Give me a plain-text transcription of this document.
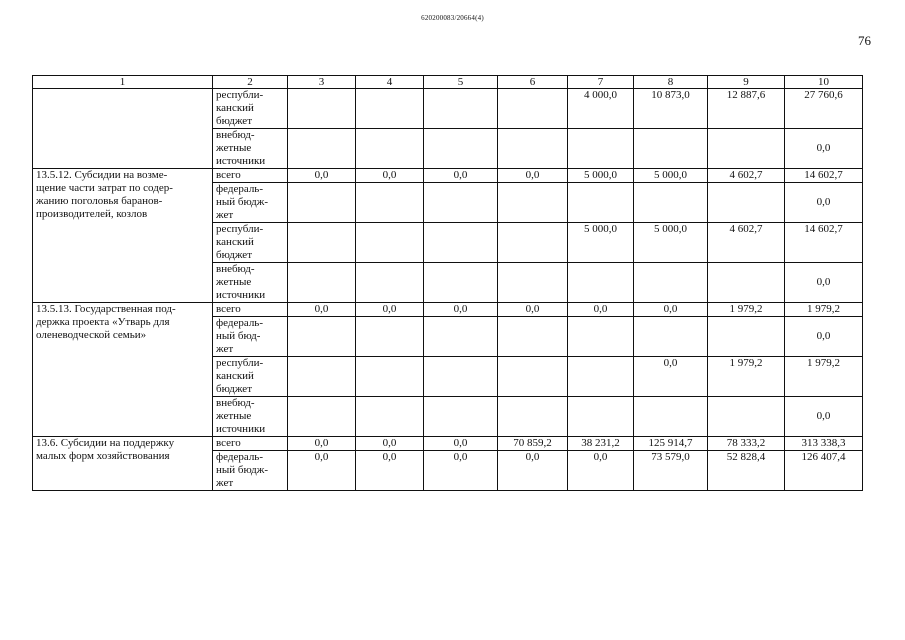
620200083/20664(4)
76
1	2	3	4	5	6	7	8	9	10
	республи-
канский
бюджет					4 000,0	10 873,0	12 887,6	27 760,6
	внебюд-
жетные
источники								0,0
13.5.12. Субсидии на возме-
щение части затрат по содер-
жанию поголовья баранов-
производителей, козлов	всего	0,0	0,0	0,0	0,0	5 000,0	5 000,0	4 602,7	14 602,7
	федераль-
ный бюдж-
жет								0,0
	республи-
канский
бюджет					5 000,0	5 000,0	4 602,7	14 602,7
	внебюд-
жетные
источники								0,0
13.5.13. Государственная под-
держка проекта «Утварь для
оленеводческой семьи»	всего	0,0	0,0	0,0	0,0	0,0	0,0	1 979,2	1 979,2
	федераль-
ный бюд-
жет								0,0
	республи-
канский
бюджет						0,0	1 979,2	1 979,2
	внебюд-
жетные
источники								0,0
13.6. Субсидии на поддержку
малых форм хозяйствования	всего	0,0	0,0	0,0	70 859,2	38 231,2	125 914,7	78 333,2	313 338,3
	федераль-
ный бюдж-
жет	0,0	0,0	0,0	0,0	0,0	73 579,0	52 828,4	126 407,4
